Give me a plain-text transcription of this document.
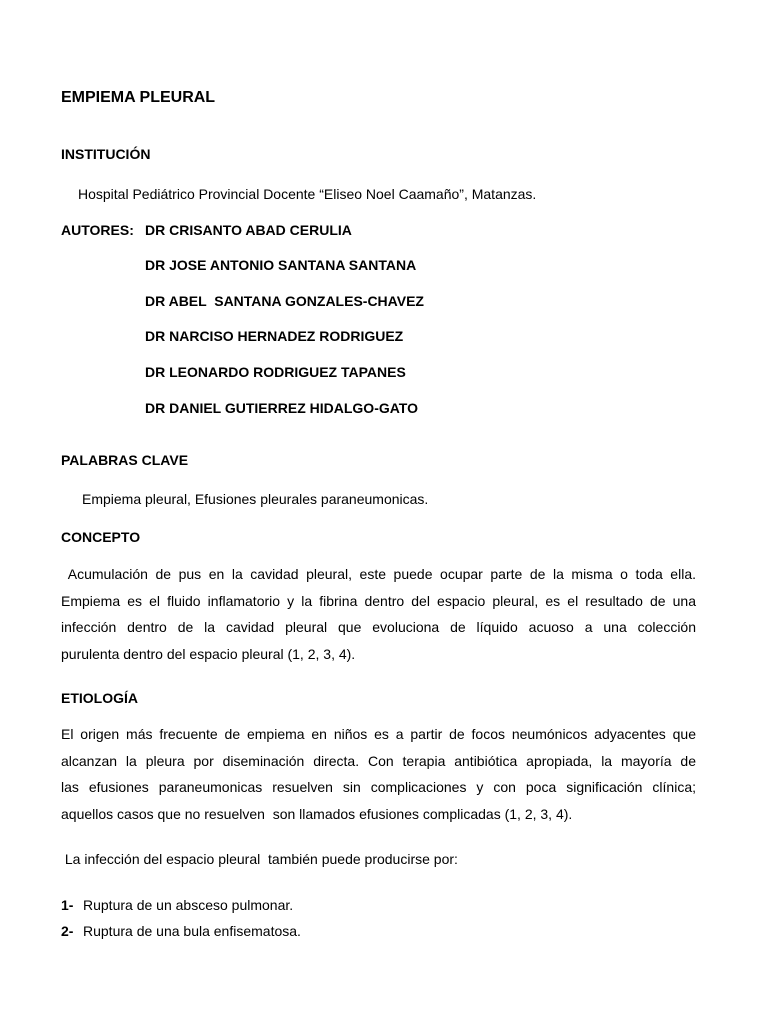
EMPIEMA PLEURAL
INSTITUCIÓN
Hospital Pediátrico Provincial Docente “Eliseo Noel Caamaño”, Matanzas.
AUTORES: DR CRISANTO ABAD CERULIA
DR JOSE ANTONIO SANTANA SANTANA
DR ABEL  SANTANA GONZALES-CHAVEZ
DR NARCISO HERNADEZ RODRIGUEZ
DR LEONARDO RODRIGUEZ TAPANES
DR DANIEL GUTIERREZ HIDALGO-GATO
PALABRAS CLAVE
Empiema pleural, Efusiones pleurales paraneumonicas.
CONCEPTO
Acumulación de pus en la cavidad pleural, este puede ocupar parte de la misma o toda ella.
Empiema es el fluido inflamatorio y la fibrina dentro del espacio pleural, es el resultado de una
infección dentro de la cavidad pleural que evoluciona de líquido acuoso a una colección
purulenta dentro del espacio pleural (1, 2, 3, 4).
ETIOLOGÍA
El origen más frecuente de empiema en niños es a partir de focos neumónicos adyacentes que
alcanzan la pleura por diseminación directa. Con terapia antibiótica apropiada, la mayoría de
las efusiones paraneumonicas resuelven sin complicaciones y con poca significación clínica;
aquellos casos que no resuelven  son llamados efusiones complicadas (1, 2, 3, 4).
La infección del espacio pleural  también puede producirse por:
1- Ruptura de un absceso pulmonar.
2- Ruptura de una bula enfisematosa.
